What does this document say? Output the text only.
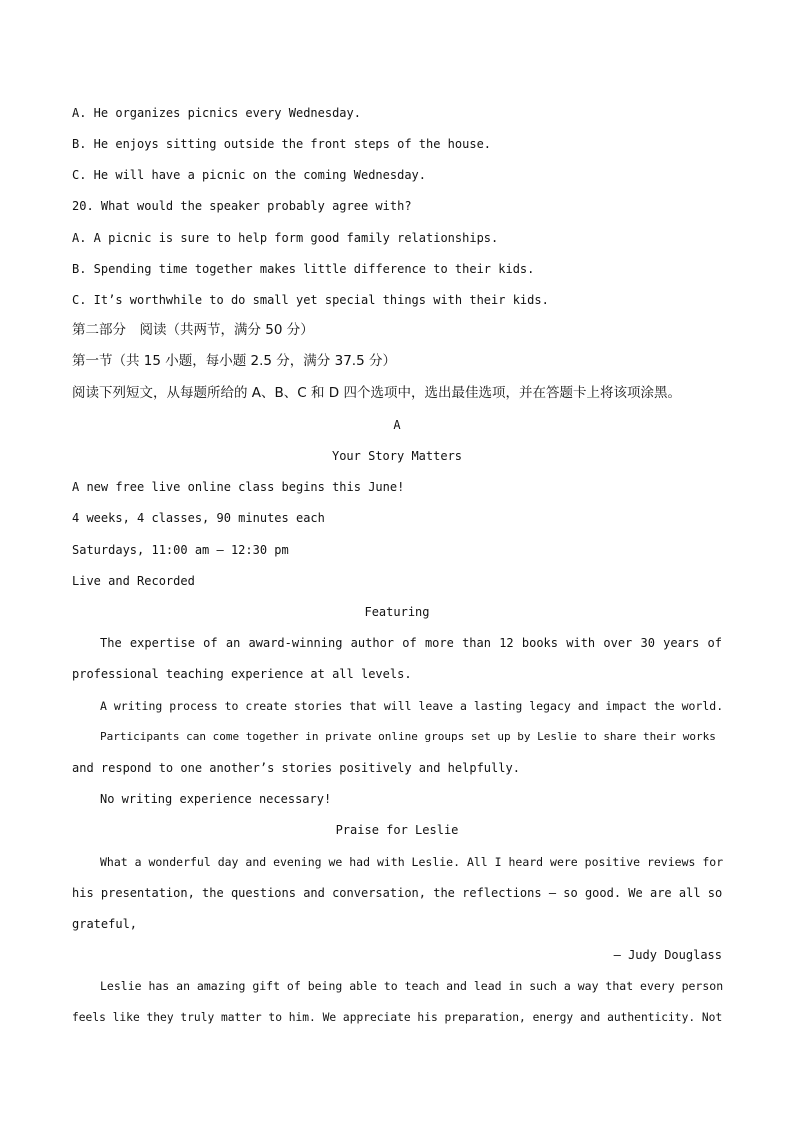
A. He organizes picnics every Wednesday.
B. He enjoys sitting outside the front steps of the house.
C. He will have a picnic on the coming Wednesday.
20. What would the speaker probably agree with?
A. A picnic is sure to help form good family relationships.
B. Spending time together makes little difference to their kids.
C. It’s worthwhile to do small yet special things with their kids.
第二部分　阅读（共两节，满分 50 分）
第一节（共 15 小题，每小题 2.5 分，满分 37.5 分）
阅读下列短文，从每题所给的 A、B、C 和 D 四个选项中，选出最佳选项，并在答题卡上将该项涂黑。
A
Your Story Matters
A new free live online class begins this June!
4 weeks, 4 classes, 90 minutes each
Saturdays, 11:00 am — 12:30 pm
Live and Recorded
Featuring
The expertise of an award-winning author of more than 12 books with over 30 years of
professional teaching experience at all levels.
A writing process to create stories that will leave a lasting legacy and impact the world.
Participants can come together in private online groups set up by Leslie to share their works
and respond to one another’s stories positively and helpfully.
No writing experience necessary!
Praise for Leslie
What a wonderful day and evening we had with Leslie. All I heard were positive reviews for
his presentation, the questions and conversation, the reflections — so good. We are all so
grateful,
— Judy Douglass
Leslie has an amazing gift of being able to teach and lead in such a way that every person
feels like they truly matter to him. We appreciate his preparation, energy and authenticity. Not
